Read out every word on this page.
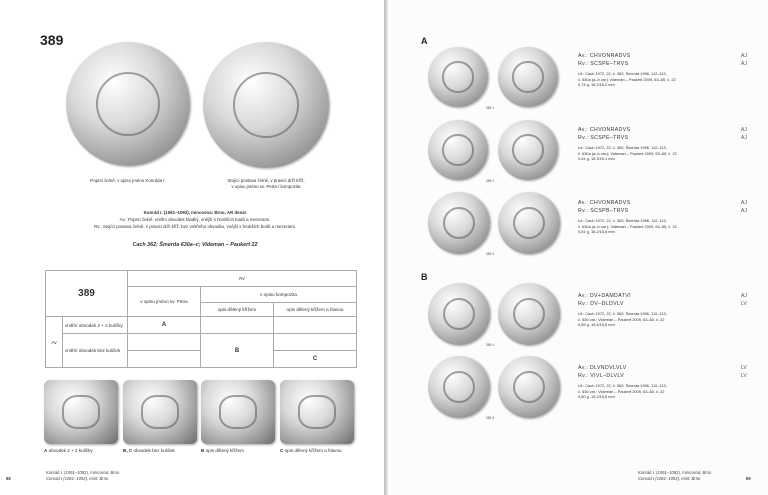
389
Poprsí čelně, v opisu jméno Konráda I.	Stojící postava čelně, v pravici drží kříž,
v opisu jméno sv. Petra / kompozita
Konrád I. (1061–1092), mincovna: Brno, AR denár
Av.: Poprsí čelně, vnitřní obvodek hladký, vnější s hrubších bodů a mezerami.
Rv.: Stojící postava čelně, v pravici drží kříž, bez vnitřního obvodku, vnější s hrubších bodů a mezerami.
Cach 362; Šmerda 630a–c; Videman – Paukert 22
389		Rv		
		v opisu jméno sv. Petra	v opisu kompozita	
			opis dělený křížem	opis dělený křížem a hlavou
Av	vnitřní obvodek 2 + 2 kuličky	A		
	vnitřní obvodek bez kuliček		B	
				C
A obvodek 2 + 2 kuličky	B, C obvodek bez kuliček	B opis dělený křížem	C opis dělený křížem a hlavou
88
Konrád I. (1061–1092), mincovna: Brno
Conrad I (1061–1092), mint: Brno
A
B
389.1
Av.: CHVONRADVS
Rv.: SCSPE–TRVS
AJ
AJ
Lit.: Cach 1972, 22, č. 362; Šmerda 1996, 112–113,
č. 630a (a–b var.) Videman – Paukert 2009, 63–65, č. 22
0,74 g, 16,2/16,2 mm
389.2
Av.: CHVONRADVS
Rv.: SCSPE–TRVS
AJ
AJ
Lit.: Cach 1972, 22, č. 362; Šmerda 1996, 112–113,
č. 630a (a–b var.); Videman – Paukert 2009, 63–65, č. 22
0,61 g, 15,3/15,1 mm
389.3
Av.: CHVONRADVS
Rv.: SCSPB–TRVS
AJ
AJ
Lit.: Cach 1972, 22, č. 362; Šmerda 1996, 112–113,
č. 630a (a–b var.); Videman – Paukert 2009, 63–65, č. 22
0,61 g, 16,2/15,6 mm
389.4
Av.: DV+DAMDATVI
Rv.: DV–DLDVLV
AJ
LV
Lit.: Cach 1972, 22, č. 362; Šmerda 1996, 112–113,
č. 630 var.; Videman – Paukert 2009, 63–65, č. 22
0,69 g, 15,4/15,6 mm
389.5
Av.: DLVNDVLVLV
Rv.: VIVL–DLVLV
LV
LV
Lit.: Cach 1972, 22, č. 362; Šmerda 1996, 112–113,
č. 630 var.; Videman – Paukert 2009, 63–65, č. 22
0,60 g, 15,2/15,6 mm
Konrád I. (1061–1092), mincovna: Brno
Conrad I (1061–1092), mint: Brno	89
